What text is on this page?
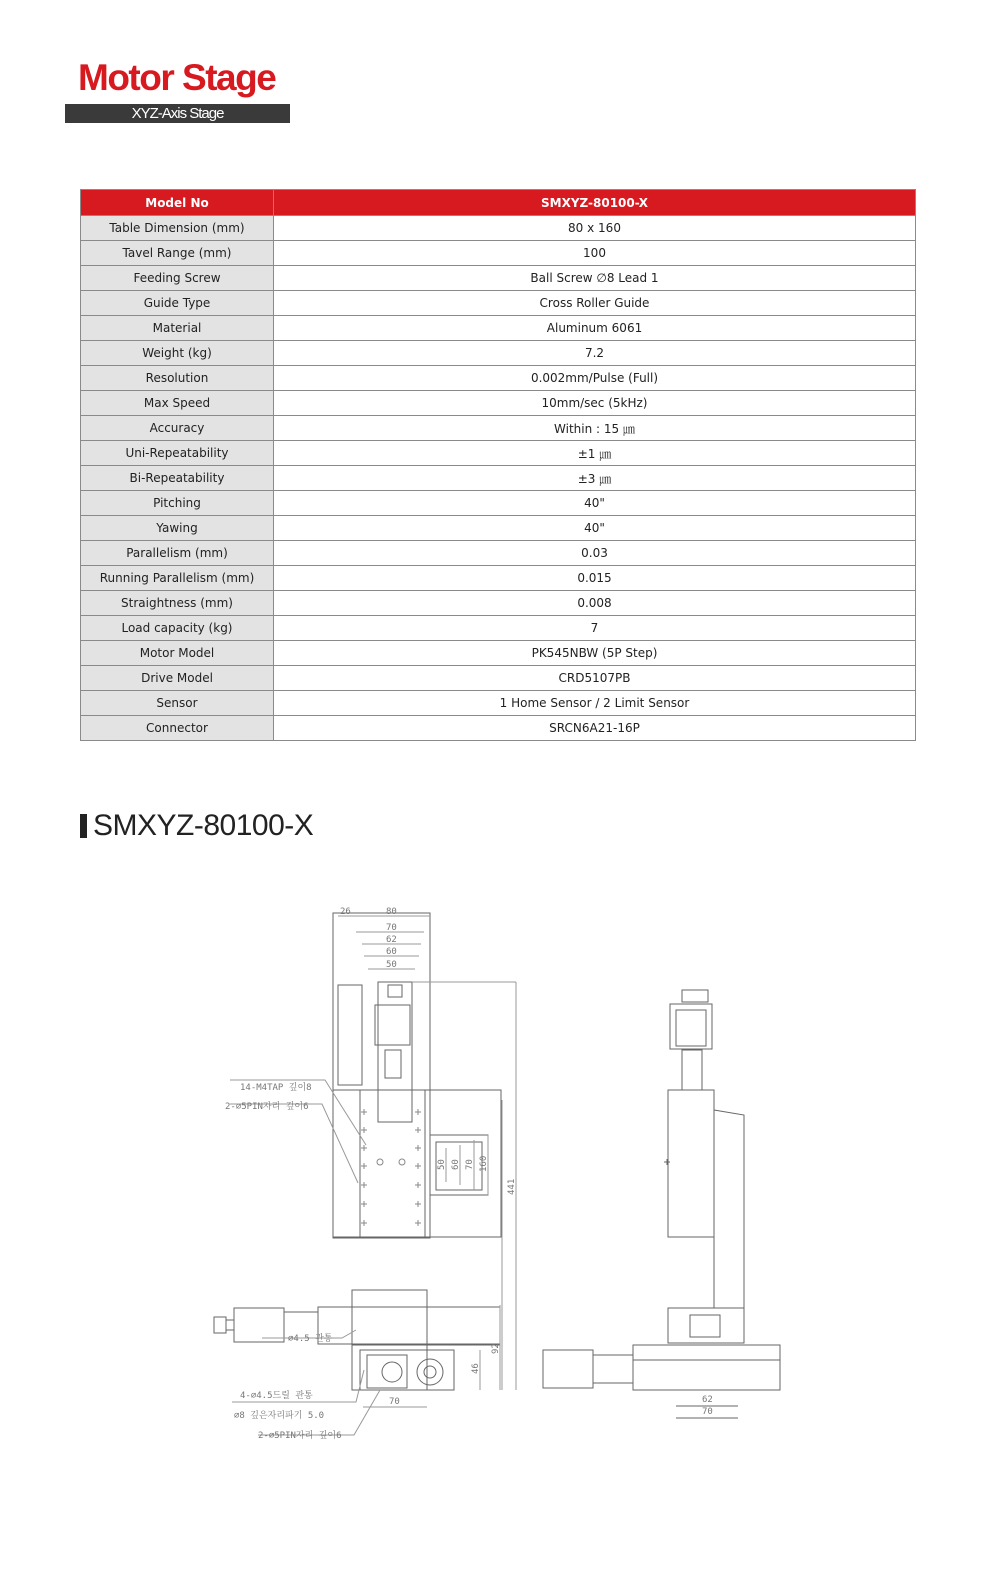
Motor Stage
XYZ-Axis Stage
Model No	SMXYZ-80100-X
Table Dimension (mm)	80 x 160
Tavel Range (mm)	100
Feeding Screw	Ball Screw ∅8 Lead 1
Guide Type	Cross Roller Guide
Material	Aluminum 6061
Weight (kg)	7.2
Resolution	0.002mm/Pulse (Full)
Max Speed	10mm/sec (5kHz)
Accuracy	Within : 15 ㎛
Uni-Repeatability	±1 ㎛
Bi-Repeatability	±3 ㎛
Pitching	40"
Yawing	40"
Parallelism (mm)	0.03
Running Parallelism (mm)	0.015
Straightness (mm)	0.008
Load capacity (kg)	7
Motor Model	PK545NBW (5P Step)
Drive Model	CRD5107PB
Sensor	1 Home Sensor / 2 Limit Sensor
Connector	SRCN6A21-16P
SMXYZ-80100-X
26	80
70
62
60
50
50 60 70 160
441
46
92
70	62
70
14-M4TAP 깊이8
2-∅5PIN자리 깊이6
∅4.5 관통
4-∅4.5드릴 관통
∅8 깊은자리파기 5.0
2-∅5PIN자리 깊이6
